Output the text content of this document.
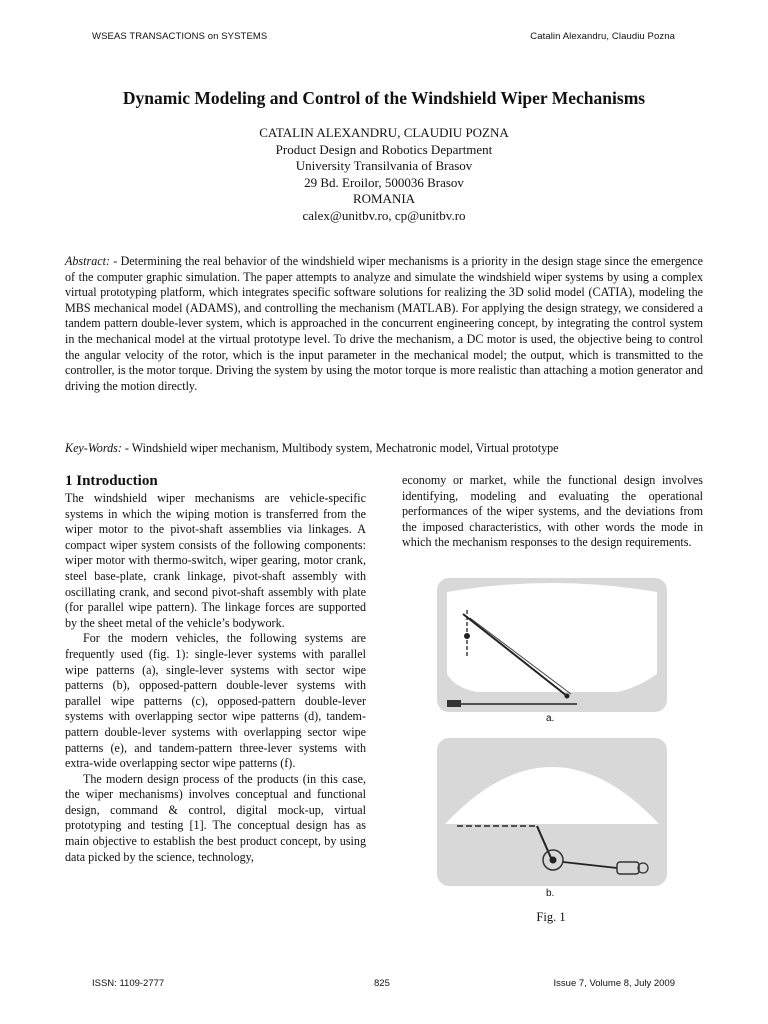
WSEAS TRANSACTIONS on SYSTEMS	Catalin Alexandru, Claudiu Pozna
Dynamic Modeling and Control of the Windshield Wiper Mechanisms
CATALIN ALEXANDRU, CLAUDIU POZNA
Product Design and Robotics Department
University Transilvania of Brasov
29 Bd. Eroilor, 500036 Brasov
ROMANIA
calex@unitbv.ro, cp@unitbv.ro
Abstract: - Determining the real behavior of the windshield wiper mechanisms is a priority in the design stage since the emergence of the computer graphic simulation. The paper attempts to analyze and simulate the windshield wiper systems by using a complex virtual prototyping platform, which integrates specific software solutions for realizing the 3D solid model (CATIA), modeling the MBS mechanical model (ADAMS), and controlling the mechanism (MATLAB). For applying the design strategy, we considered a tandem pattern double-lever system, which is approached in the concurrent engineering concept, by integrating the control system in the mechanical model at the virtual prototype level. To drive the mechanism, a DC motor is used, the objective being to control the angular velocity of the rotor, which is the input parameter in the mechanical model; the output, which is transmitted to the controller, is the motor torque. Driving the system by using the motor torque is more realistic than attaching a motion generator and driving the motion directly.
Key-Words: - Windshield wiper mechanism, Multibody system, Mechatronic model, Virtual prototype
1 Introduction

The windshield wiper mechanisms are vehicle-specific systems in which the wiping motion is transferred from the wiper motor to the pivot-shaft assemblies via linkages. A compact wiper system consists of the following components: wiper motor with thermo-switch, wiper gearing, motor crank, steel base-plate, crank linkage, pivot-shaft assembly with oscillating crank, and second pivot-shaft assembly with plate (for parallel wipe pattern). The linkage forces are supported by the sheet metal of the vehicle’s bodywork.

For the modern vehicles, the following systems are frequently used (fig. 1): single-lever systems with parallel wipe patterns (a), single-lever systems with sector wipe patterns (b), opposed-pattern double-lever systems with parallel wipe patterns (c), opposed-pattern double-lever systems with overlapping sector wipe patterns (d), tandem-pattern double-lever systems with overlapping sector wipe patterns (e), and tandem-pattern three-lever systems with extra-wide overlapping sector wipe patterns (f).

The modern design process of the products (in this case, the wiper mechanisms) involves conceptual and functional design, command & control, digital mock-up, virtual prototyping and testing [1]. The conceptual design has as main objective to establish the best product concept, by using data picked by the science, technology,

economy or market, while the functional design involves identifying, modeling and evaluating the operational performances of the wiper systems, and the deviations from the imposed characteristics, with other words the mode in which the mechanism responses to the design requirements.

a.
b.
Fig. 1
ISSN: 1109-2777	825	Issue 7, Volume 8, July 2009
